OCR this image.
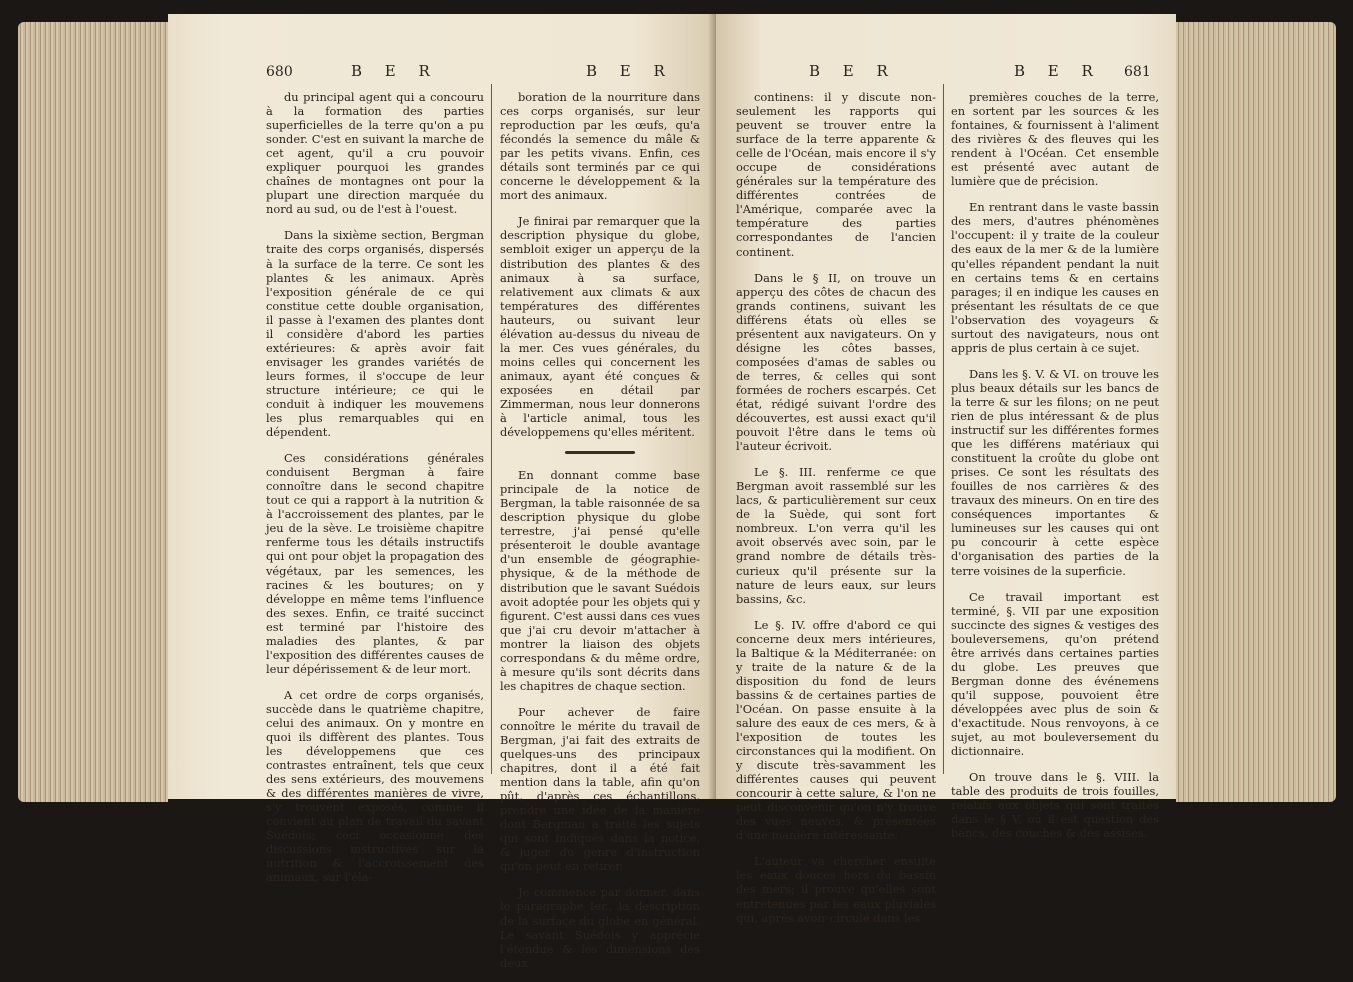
680	B E R	B E R

du principal agent qui a concouru à la formation des parties superficielles de la terre qu'on a pu sonder. C'est en suivant la marche de cet agent, qu'il a cru pouvoir expliquer pourquoi les grandes chaînes de montagnes ont pour la plupart une direction marquée du nord au sud, ou de l'est à l'ouest.

Dans la sixième section, Bergman traite des corps organisés, dispersés à la surface de la terre. Ce sont les plantes & les animaux. Après l'exposition générale de ce qui constitue cette double organisation, il passe à l'examen des plantes dont il considère d'abord les parties extérieures: & après avoir fait envisager les grandes variétés de leurs formes, il s'occupe de leur structure intérieure; ce qui le conduit à indiquer les mouvemens les plus remarquables qui en dépendent.

Ces considérations générales conduisent Bergman à faire connoître dans le second chapitre tout ce qui a rapport à la nutrition & à l'accroissement des plantes, par le jeu de la sève. Le troisième chapitre renferme tous les détails instructifs qui ont pour objet la propagation des végétaux, par les semences, les racines & les boutures; on y développe en même tems l'influence des sexes. Enfin, ce traité succinct est terminé par l'histoire des maladies des plantes, & par l'exposition des différentes causes de leur dépérissement & de leur mort.

A cet ordre de corps organisés, succède dans le quatrième chapitre, celui des animaux. On y montre en quoi ils diffèrent des plantes. Tous les développemens que ces contrastes entraînent, tels que ceux des sens extérieurs, des mouvemens & des différentes manières de vivre, s'y trouvent exposés, comme il convient au plan de travail du savant Suédois; ceci occasionne des discussions instructives sur la nutrition & l'accroissement des animaux, sur l'éla-

boration de la nourriture dans ces corps organisés, sur leur reproduction par les œufs, qu'a fécondés la semence du mâle & par les petits vivans. Enfin, ces détails sont terminés par ce qui concerne le développement & la mort des animaux.

Je finirai par remarquer que la description physique du globe, sembloit exiger un apperçu de la distribution des plantes & des animaux à sa surface, relativement aux climats & aux températures des différentes hauteurs, ou suivant leur élévation au-dessus du niveau de la mer. Ces vues générales, du moins celles qui concernent les animaux, ayant été conçues & exposées en détail par Zimmerman, nous leur donnerons à l'article animal, tous les développemens qu'elles méritent.

En donnant comme base principale de la notice de Bergman, la table raisonnée de sa description physique du globe terrestre, j'ai pensé qu'elle présenteroit le double avantage d'un ensemble de géographie-physique, & de la méthode de distribution que le savant Suédois avoit adoptée pour les objets qui y figurent. C'est aussi dans ces vues que j'ai cru devoir m'attacher à montrer la liaison des objets correspondans & du même ordre, à mesure qu'ils sont décrits dans les chapitres de chaque section.

Pour achever de faire connoître le mérite du travail de Bergman, j'ai fait des extraits de quelques-uns des principaux chapitres, dont il a été fait mention dans la table, afin qu'on pût, d'après ces échantillons, prendre une idée de la manière dont Bergman a traité les sujets qui sont indiqués dans la notice, & juger du genre d'instruction qu'on peut en retirer.

Je commence par donner, dans le paragraphe Ier., la description de la surface du globe en général. Le savant Suédois y apprécie l'étendue & les dimensions des deux

B E R	B E R 681

continens: il y discute non-seulement les rapports qui peuvent se trouver entre la surface de la terre apparente & celle de l'Océan, mais encore il s'y occupe de considérations générales sur la température des différentes contrées de l'Amérique, comparée avec la température des parties correspondantes de l'ancien continent.

Dans le § II, on trouve un apperçu des côtes de chacun des grands continens, suivant les différens états où elles se présentent aux navigateurs. On y désigne les côtes basses, composées d'amas de sables ou de terres, & celles qui sont formées de rochers escarpés. Cet état, rédigé suivant l'ordre des découvertes, est aussi exact qu'il pouvoit l'être dans le tems où l'auteur écrivoit.

Le §. III. renferme ce que Bergman avoit rassemblé sur les lacs, & particulièrement sur ceux de la Suède, qui sont fort nombreux. L'on verra qu'il les avoit observés avec soin, par le grand nombre de détails très-curieux qu'il présente sur la nature de leurs eaux, sur leurs bassins, &c.

Le §. IV. offre d'abord ce qui concerne deux mers intérieures, la Baltique & la Méditerranée: on y traite de la nature & de la disposition du fond de leurs bassins & de certaines parties de l'Océan. On passe ensuite à la salure des eaux de ces mers, & à l'exposition de toutes les circonstances qui la modifient. On y discute très-savamment les différentes causes qui peuvent concourir à cette salure, & l'on ne peut disconvenir qu'on n'y trouve des vues neuves, & présentées d'une manière intéressante.

L'auteur va chercher ensuite les eaux douces hors du bassin des mers; il prouve qu'elles sont entretenues par les eaux pluviales qui, après avoir circulé dans les

premières couches de la terre, en sortent par les sources & les fontaines, & fournissent à l'aliment des rivières & des fleuves qui les rendent à l'Océan. Cet ensemble est présenté avec autant de lumière que de précision.

En rentrant dans le vaste bassin des mers, d'autres phénomènes l'occupent: il y traite de la couleur des eaux de la mer & de la lumière qu'elles répandent pendant la nuit en certains tems & en certains parages; il en indique les causes en présentant les résultats de ce que l'observation des voyageurs & surtout des navigateurs, nous ont appris de plus certain à ce sujet.

Dans les §. V. & VI. on trouve les plus beaux détails sur les bancs de la terre & sur les filons; on ne peut rien de plus intéressant & de plus instructif sur les différentes formes que les différens matériaux qui constituent la croûte du globe ont prises. Ce sont les résultats des fouilles de nos carrières & des travaux des mineurs. On en tire des conséquences importantes & lumineuses sur les causes qui ont pu concourir à cette espèce d'organisation des parties de la terre voisines de la superficie.

Ce travail important est terminé, §. VII par une exposition succincte des signes & vestiges des bouleversemens, qu'on prétend être arrivés dans certaines parties du globe. Les preuves que Bergman donne des événemens qu'il suppose, pouvoient être développées avec plus de soin & d'exactitude. Nous renvoyons, à ce sujet, au mot bouleversement du dictionnaire.

On trouve dans le §. VIII. la table des produits de trois fouilles, relatifs aux objets qui sont traités dans le § V, où il est question des bancs, des couches & des assises.
